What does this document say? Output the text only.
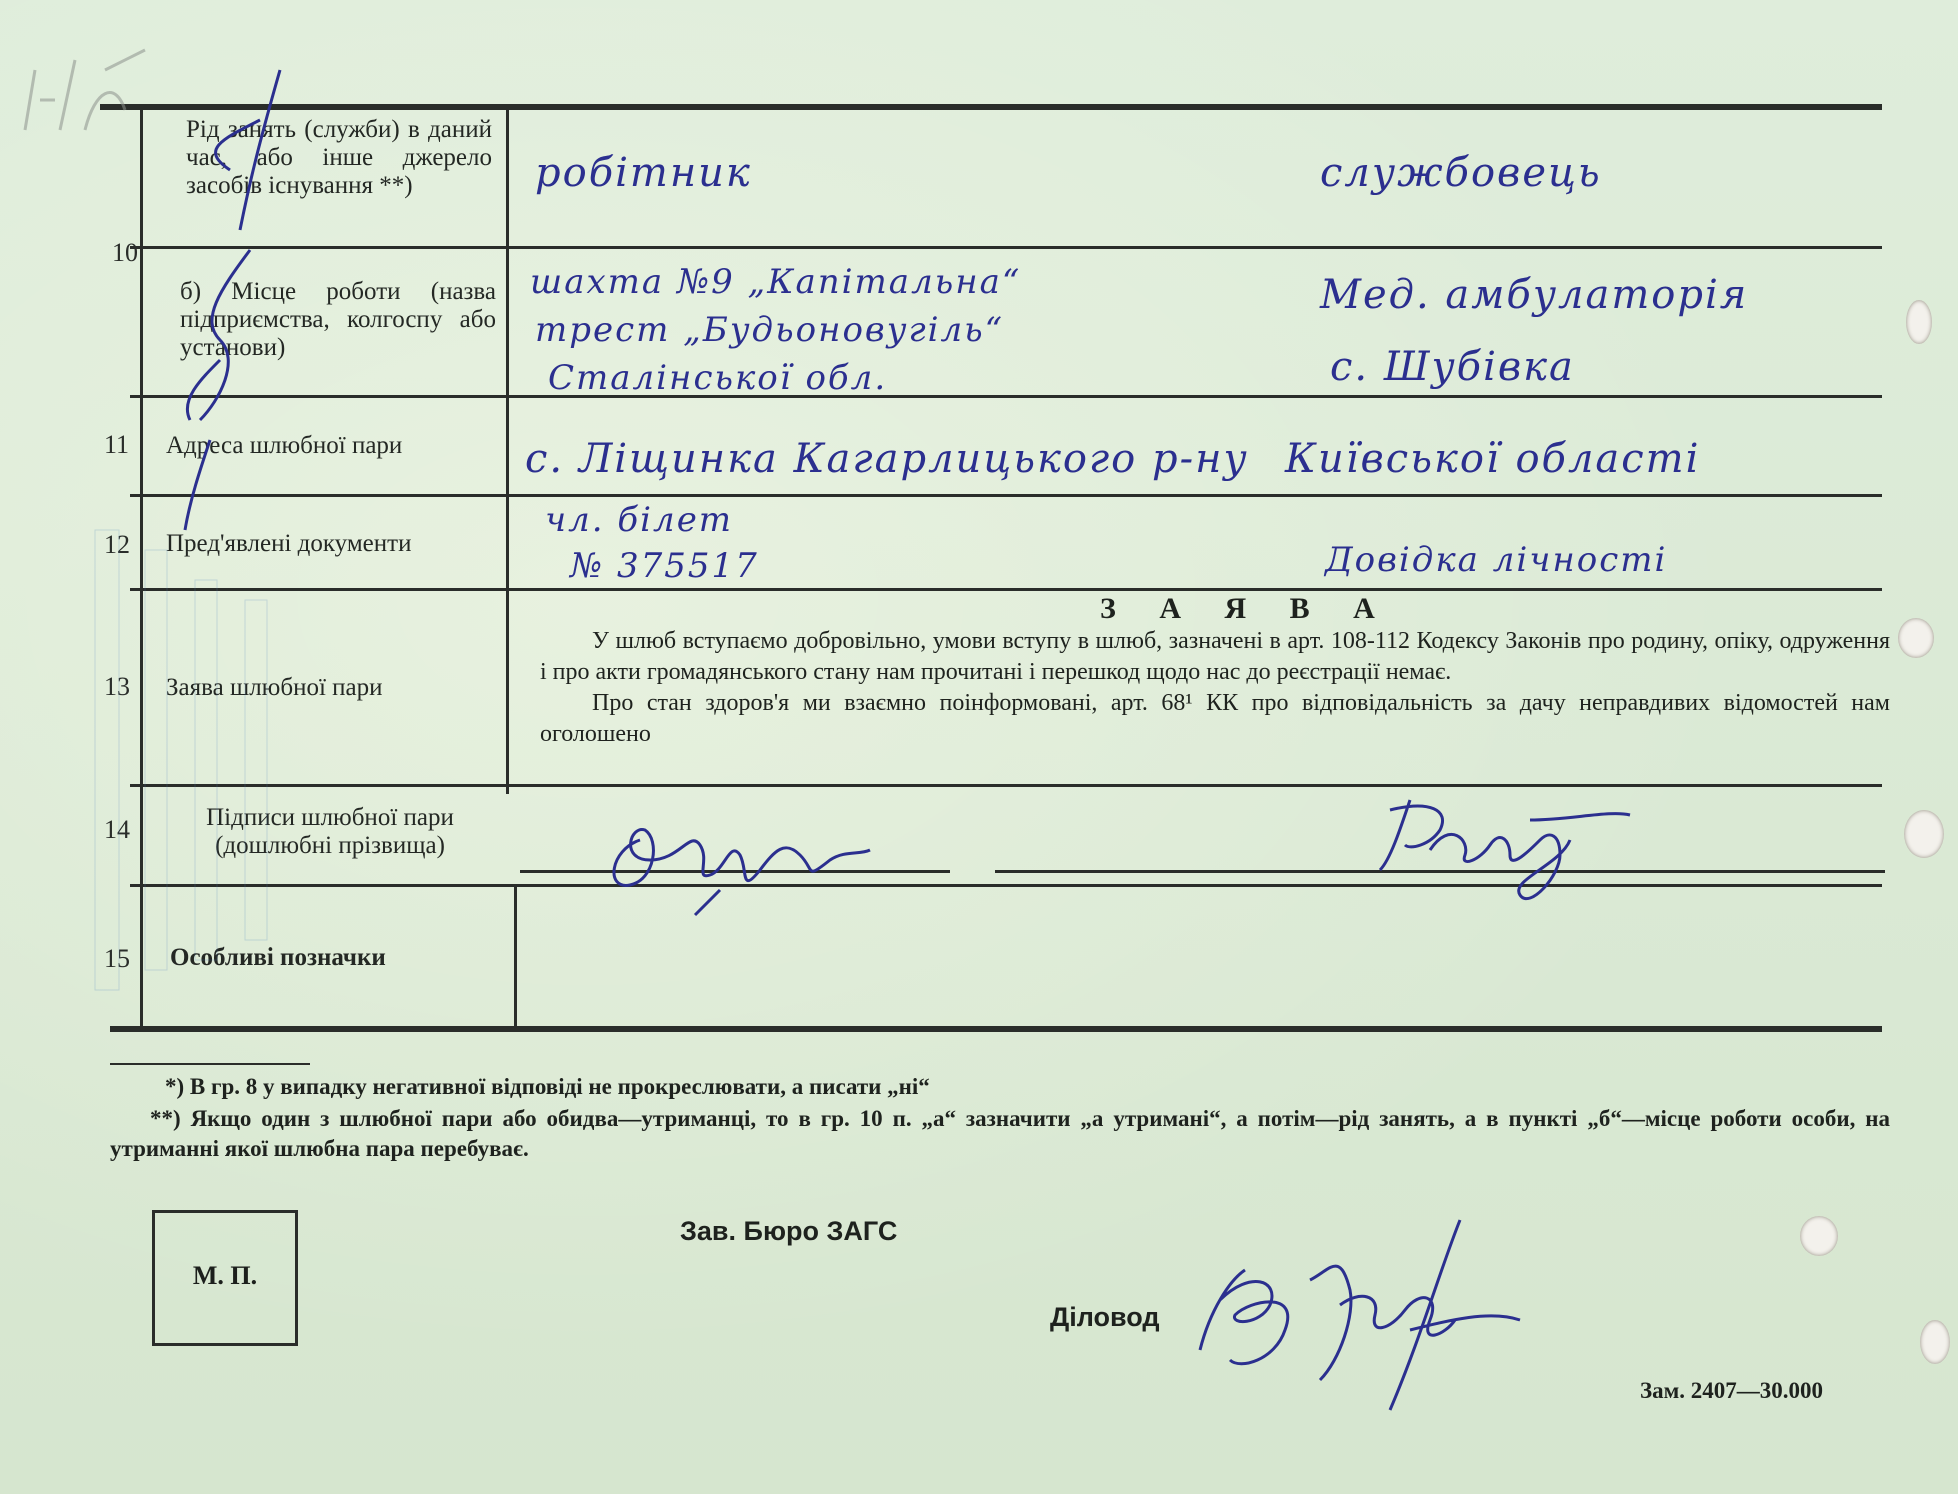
10
11
12
13
14
15
Рід занять (служби) в даний час, або інше джерело засобів існування **)
б) Місце роботи (назва підприємства, колгоспу або установи)
Адреса шлюбної пари
Пред'явлені документи
Заява шлюбної пари
Підписи шлюбної пари (дошлюбні прізвища)
Особливі позначки
робітник	службовець
шахта №9 „Капітальна“
трест „Будьоновугіль“
Сталінської обл.
Мед. амбулаторія
с. Шубівка
с. Ліщинка Кагарлицького р-ну Київської області
чл. білет
№ 375517	Довідка лічності
З А Я В А

У шлюб вступаємо добровільно, умови вступу в шлюб, зазначені в арт. 108-112 Кодексу Законів про родину, опіку, одруження і про акти громадянського стану нам прочитані і перешкод щодо нас до реєстрації немає.

Про стан здоров'я ми взаємно поінформовані, арт. 68¹ КК про відповідальність за дачу неправдивих відомостей нам оголошено

*) В гр. 8 у випадку негативної відповіді не прокреслювати, а писати „ні“
**) Якщо один з шлюбної пари або обидва—утриманці, то в гр. 10 п. „а“ зазначити „а утримані“, а потім—рід занять, а в пункті „б“—місце роботи особи, на утриманні якої шлюбна пара перебуває.
М. П.
Зав. Бюро ЗАГС
Діловод
Зам. 2407—30.000
